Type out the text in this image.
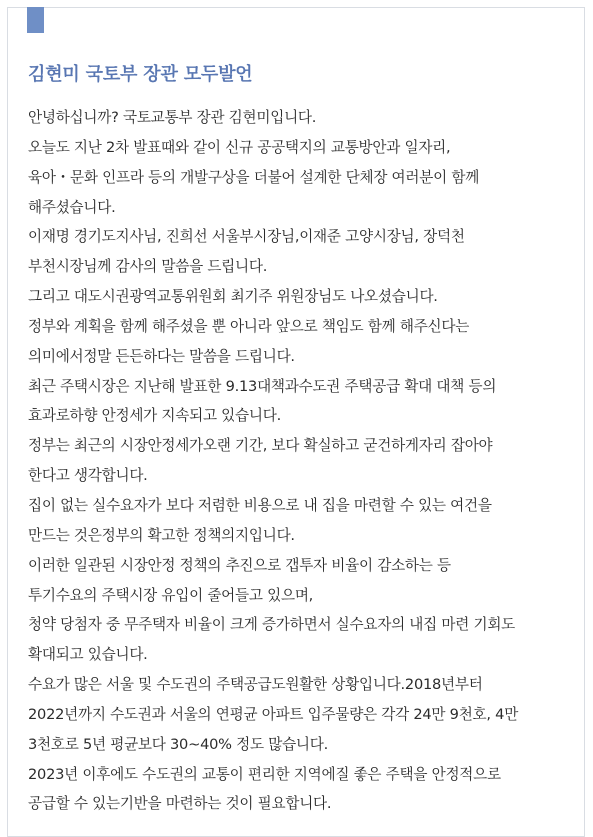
김현미 국토부 장관 모두발언
안녕하십니까? 국토교통부 장관 김현미입니다.
오늘도 지난 2차 발표때와 같이 신규 공공택지의 교통방안과 일자리,
육아・문화 인프라 등의 개발구상을 더불어 설계한 단체장 여러분이 함께
해주셨습니다.
이재명 경기도지사님, 진희선 서울부시장님,이재준 고양시장님, 장덕천
부천시장님께 감사의 말씀을 드립니다.
그리고 대도시권광역교통위원회 최기주 위원장님도 나오셨습니다.
정부와 계획을 함께 해주셨을 뿐 아니라 앞으로 책임도 함께 해주신다는
의미에서정말 든든하다는 말씀을 드립니다.
최근 주택시장은 지난해 발표한 9.13대책과수도권 주택공급 확대 대책 등의
효과로하향 안정세가 지속되고 있습니다.
정부는 최근의 시장안정세가오랜 기간, 보다 확실하고 굳건하게자리 잡아야
한다고 생각합니다.
집이 없는 실수요자가 보다 저렴한 비용으로 내 집을 마련할 수 있는 여건을
만드는 것은정부의 확고한 정책의지입니다.
이러한 일관된 시장안정 정책의 추진으로 갭투자 비율이 감소하는 등
투기수요의 주택시장 유입이 줄어들고 있으며,
청약 당첨자 중 무주택자 비율이 크게 증가하면서 실수요자의 내집 마련 기회도
확대되고 있습니다.
수요가 많은 서울 및 수도권의 주택공급도원활한 상황입니다.2018년부터
2022년까지 수도권과 서울의 연평균 아파트 입주물량은 각각 24만 9천호, 4만
3천호로 5년 평균보다 30~40% 정도 많습니다.
2023년 이후에도 수도권의 교통이 편리한 지역에질 좋은 주택을 안정적으로
공급할 수 있는기반을 마련하는 것이 필요합니다.
